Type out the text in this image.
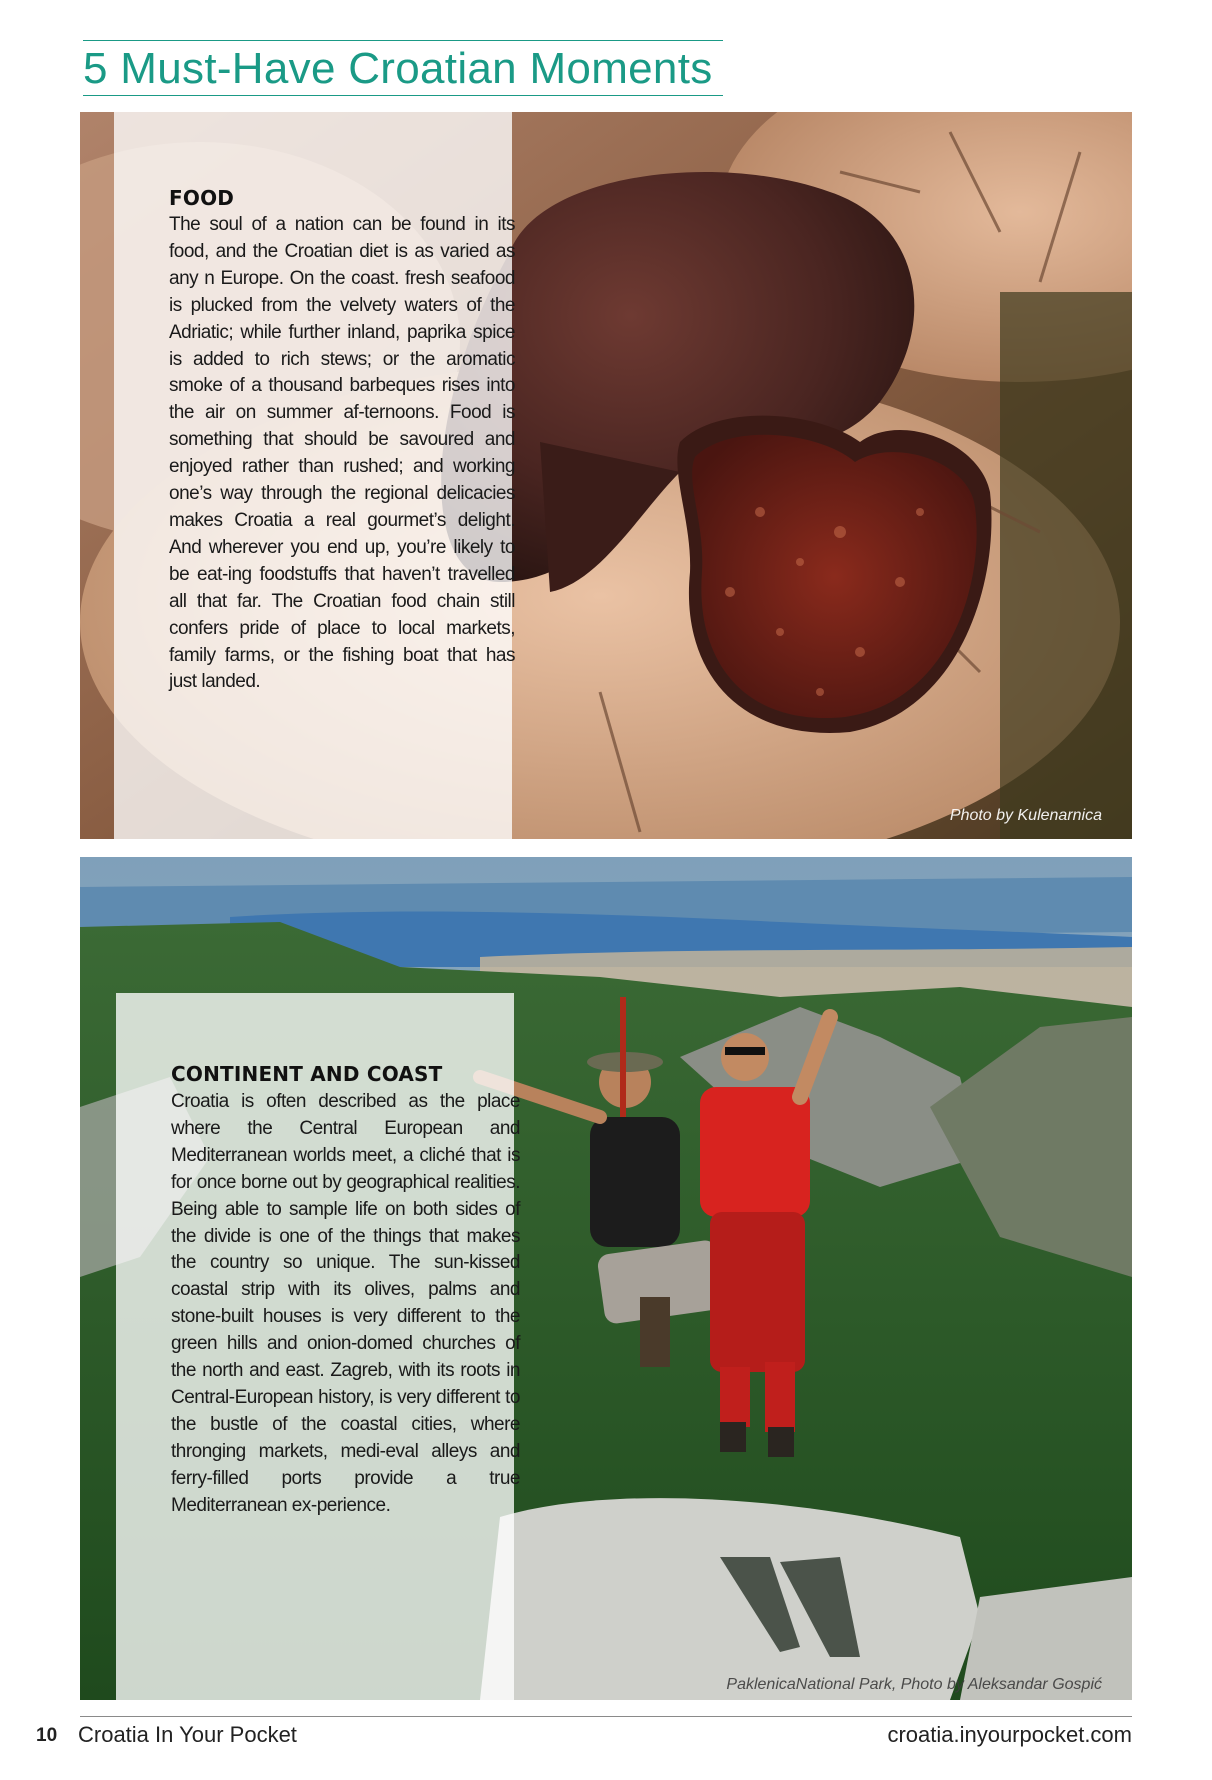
5 Must-Have Croatian Moments
FOOD

The soul of a nation can be found in its food, and the Croatian diet is as varied as any n Europe. On the coast. fresh seafood is plucked from the velvety waters of the Adriatic; while further inland, paprika spice is added to rich stews; or the aromatic smoke of a thousand barbeques rises into the air on summer af-ternoons. Food is something that should be savoured and enjoyed rather than rushed; and working one’s way through the regional delicacies makes Croatia a real gourmet’s delight. And wherever you end up, you’re likely to be eat-ing foodstuffs that haven’t travelled all that far. The Croatian food chain still confers pride of place to local markets, family farms, or the fishing boat that has just landed.

Photo by Kulenarnica
CONTINENT AND COAST

Croatia is often described as the place where the Central European and Mediterranean worlds meet, a cliché that is for once borne out by geographical realities. Being able to sample life on both sides of the divide is one of the things that makes the country so unique. The sun-kissed coastal strip with its olives, palms and stone-built houses is very different to the green hills and onion-domed churches of the north and east. Zagreb, with its roots in Central-European history, is very different to the bustle of the coastal cities, where thronging markets, medi-eval alleys and ferry-filled ports provide a true Mediterranean ex-perience.

PaklenicaNational Park, Photo by Aleksandar Gospić
10 Croatia In Your Pocket	croatia.inyourpocket.com
